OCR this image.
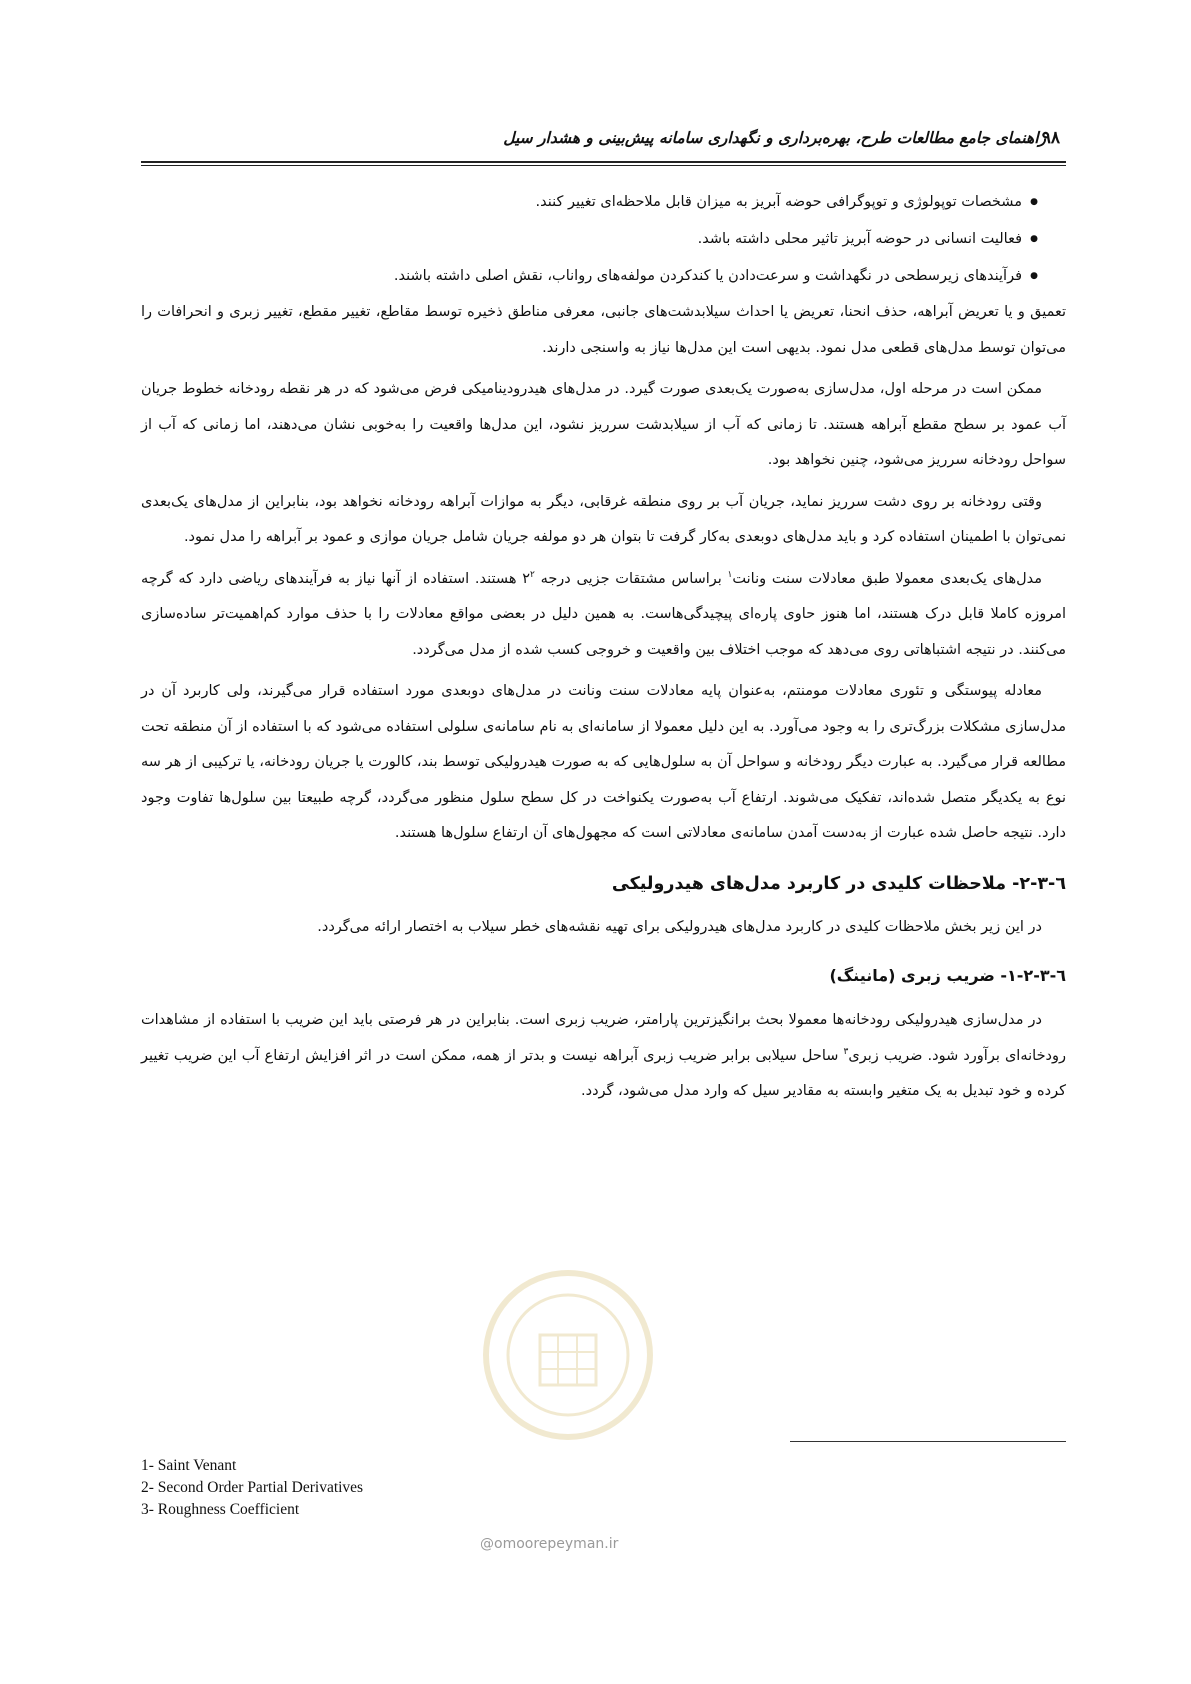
راهنمای جامع مطالعات طرح، بهره‌برداری و نگهداری سامانه پیش‌بینی و هشدار سیل
۹۸
● مشخصات توپولوژی و توپوگرافی حوضه آبریز به میزان قابل ملاحظه‌ای تغییر کنند.
● فعالیت انسانی در حوضه آبریز تاثیر محلی داشته باشد.
● فرآیندهای زیرسطحی در نگهداشت و سرعت‌دادن یا کندکردن مولفه‌های رواناب، نقش اصلی داشته باشند.

تعمیق و یا تعریض آبراهه، حذف انحنا، تعریض یا احداث سیلابدشت‌های جانبی، معرفی مناطق ذخیره توسط مقاطع، تغییر مقطع، تغییر زبری و انحرافات را می‌توان توسط مدل‌های قطعی مدل نمود. بدیهی است این مدل‌ها نیاز به واسنجی دارند.

ممکن است در مرحله اول، مدل‌سازی به‌صورت یک‌بعدی صورت گیرد. در مدل‌های هیدرودینامیکی فرض می‌شود که در هر نقطه رودخانه خطوط جریان آب عمود بر سطح مقطع آبراهه هستند. تا زمانی که آب از سیلابدشت سرریز نشود، این مدل‌ها واقعیت را به‌خوبی نشان می‌دهند، اما زمانی که آب از سواحل رودخانه سرریز می‌شود، چنین نخواهد بود.

وقتی رودخانه بر روی دشت سرریز نماید، جریان آب بر روی منطقه غرقابی، دیگر به موازات آبراهه رودخانه نخواهد بود، بنابراین از مدل‌های یک‌بعدی نمی‌توان با اطمینان استفاده کرد و باید مدل‌های دوبعدی به‌کار گرفت تا بتوان هر دو مولفه جریان شامل جریان موازی و عمود بر آبراهه را مدل نمود.

مدل‌های یک‌بعدی معمولا طبق معادلات سنت ونانت$^۱$ براساس مشتقات جزیی درجه $۲^۲$ هستند. استفاده از آنها نیاز به فرآیندهای ریاضی دارد که گرچه امروزه کاملا قابل درک هستند، اما هنوز حاوی پاره‌ای پیچیدگی‌هاست. به همین دلیل در بعضی مواقع معادلات را با حذف موارد کم‌اهمیت‌تر ساده‌سازی می‌کنند. در نتیجه اشتباهاتی روی می‌دهد که موجب اختلاف بین واقعیت و خروجی کسب شده از مدل می‌گردد.

معادله پیوستگی و تئوری معادلات مومنتم، به‌عنوان پایه معادلات سنت ونانت در مدل‌های دوبعدی مورد استفاده قرار می‌گیرند، ولی کاربرد آن در مدل‌سازی مشکلات بزرگ‌تری را به وجود می‌آورد. به این دلیل معمولا از سامانه‌ای به نام سامانه‌ی سلولی استفاده می‌شود که با استفاده از آن منطقه تحت مطالعه قرار می‌گیرد. به عبارت دیگر رودخانه و سواحل آن به سلول‌هایی که به صورت هیدرولیکی توسط بند، کالورت یا جریان رودخانه، یا ترکیبی از هر سه نوع به یکدیگر متصل شده‌اند، تفکیک می‌شوند. ارتفاع آب به‌صورت یکنواخت در کل سطح سلول منظور می‌گردد، گرچه طبیعتا بین سلول‌ها تفاوت وجود دارد. نتیجه حاصل شده عبارت از به‌دست آمدن سامانه‌ی معادلاتی است که مجهول‌های آن ارتفاع سلول‌ها هستند.

٦-٣-٢- ملاحظات کلیدی در کاربرد مدل‌های هیدرولیکی

در این زیر بخش ملاحظات کلیدی در کاربرد مدل‌های هیدرولیکی برای تهیه نقشه‌های خطر سیلاب به اختصار ارائه می‌گردد.

٦-٣-٢-١- ضریب زبری (مانینگ)

در مدل‌سازی هیدرولیکی رودخانه‌ها معمولا بحث برانگیزترین پارامتر، ضریب زبری است. بنابراین در هر فرصتی باید این ضریب با استفاده از مشاهدات رودخانه‌ای برآورد شود. ضریب زبری$^۳$ ساحل سیلابی برابر ضریب زبری آبراهه نیست و بدتر از همه، ممکن است در اثر افزایش ارتفاع آب این ضریب تغییر کرده و خود تبدیل به یک متغیر وابسته به مقادیر سیل که وارد مدل می‌شود، گردد.

@omoorepeyman.ir
1- Saint Venant
2- Second Order Partial Derivatives
3- Roughness Coefficient
